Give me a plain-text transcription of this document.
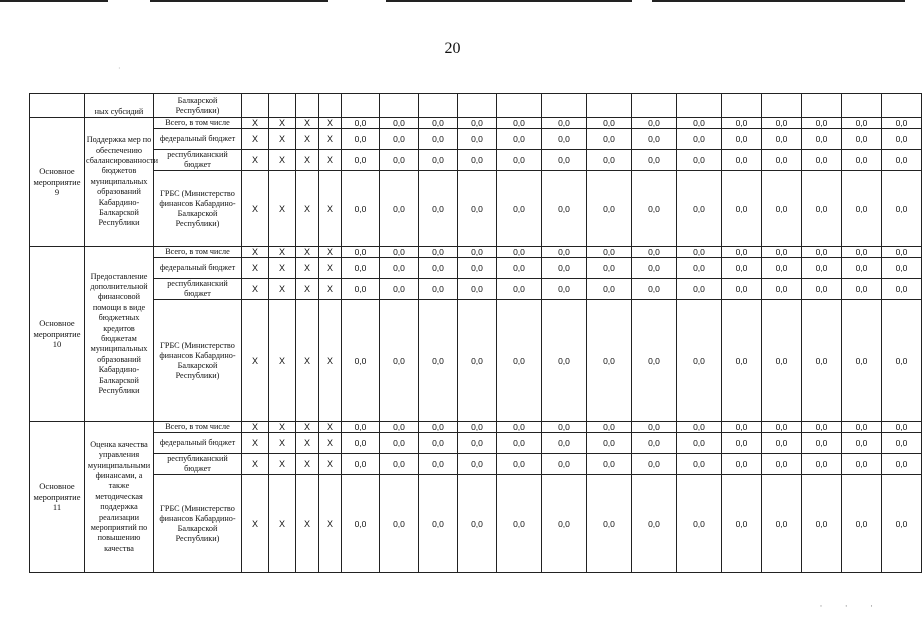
20
	ных субсидий	Балкарской Республики)																		
Основное мероприятие 9	Поддержка мер по обеспечению сбалансированности бюджетов муниципальных образований Кабардино-Балкарской Республики	Всего, в том числе	X	X	X	X	0,0	0,0	0,0	0,0	0,0	0,0	0,0	0,0	0,0	0,0	0,0	0,0	0,0	0,0
		федеральный бюджет	X	X	X	X	0,0	0,0	0,0	0,0	0,0	0,0	0,0	0,0	0,0	0,0	0,0	0,0	0,0	0,0
		республиканский бюджет	X	X	X	X	0,0	0,0	0,0	0,0	0,0	0,0	0,0	0,0	0,0	0,0	0,0	0,0	0,0	0,0
		ГРБС (Министерство финансов Кабардино-Балкарской Республики)	X	X	X	X	0,0	0,0	0,0	0,0	0,0	0,0	0,0	0,0	0,0	0,0	0,0	0,0	0,0	0,0
Основное мероприятие 10	Предоставление дополнительной финансовой помощи в виде бюджетных кредитов бюджетам муниципальных образований Кабардино-Балкарской Республики	Всего, в том числе	X	X	X	X	0,0	0,0	0,0	0,0	0,0	0,0	0,0	0,0	0,0	0,0	0,0	0,0	0,0	0,0
		федеральный бюджет	X	X	X	X	0,0	0,0	0,0	0,0	0,0	0,0	0,0	0,0	0,0	0,0	0,0	0,0	0,0	0,0
		республиканский бюджет	X	X	X	X	0,0	0,0	0,0	0,0	0,0	0,0	0,0	0,0	0,0	0,0	0,0	0,0	0,0	0,0
		ГРБС (Министерство финансов Кабардино-Балкарской Республики)	X	X	X	X	0,0	0,0	0,0	0,0	0,0	0,0	0,0	0,0	0,0	0,0	0,0	0,0	0,0	0,0
Основное мероприятие 11	Оценка качества управления муниципальными финансами, а также методическая поддержка реализации мероприятий по повышению качества	Всего, в том числе	X	X	X	X	0,0	0,0	0,0	0,0	0,0	0,0	0,0	0,0	0,0	0,0	0,0	0,0	0,0	0,0
		федеральный бюджет	X	X	X	X	0,0	0,0	0,0	0,0	0,0	0,0	0,0	0,0	0,0	0,0	0,0	0,0	0,0	0,0
		республиканский бюджет	X	X	X	X	0,0	0,0	0,0	0,0	0,0	0,0	0,0	0,0	0,0	0,0	0,0	0,0	0,0	0,0
		ГРБС (Министерство финансов Кабардино-Балкарской Республики)	X	X	X	X	0,0	0,0	0,0	0,0	0,0	0,0	0,0	0,0	0,0	0,0	0,0	0,0	0,0	0,0
·
· · ·
